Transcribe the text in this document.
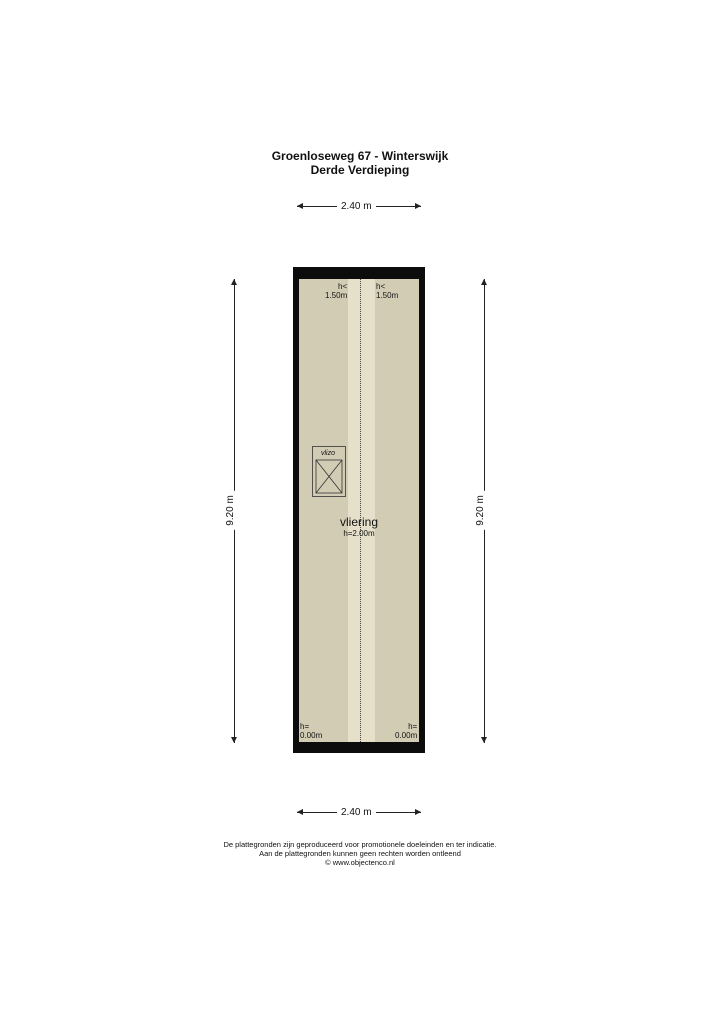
Groenloseweg 67 - Winterswijk
Derde Verdieping
2.40 m
9.20 m	9.20 m
h<
1.50m
h<
1.50m
vlizo
vliering
h=2.00m
h=
0.00m
h=
0.00m
2.40 m
De plattegronden zijn geproduceerd voor promotionele doeleinden en ter indicatie.
Aan de plattegronden kunnen geen rechten worden ontleend
© www.objectenco.nl
